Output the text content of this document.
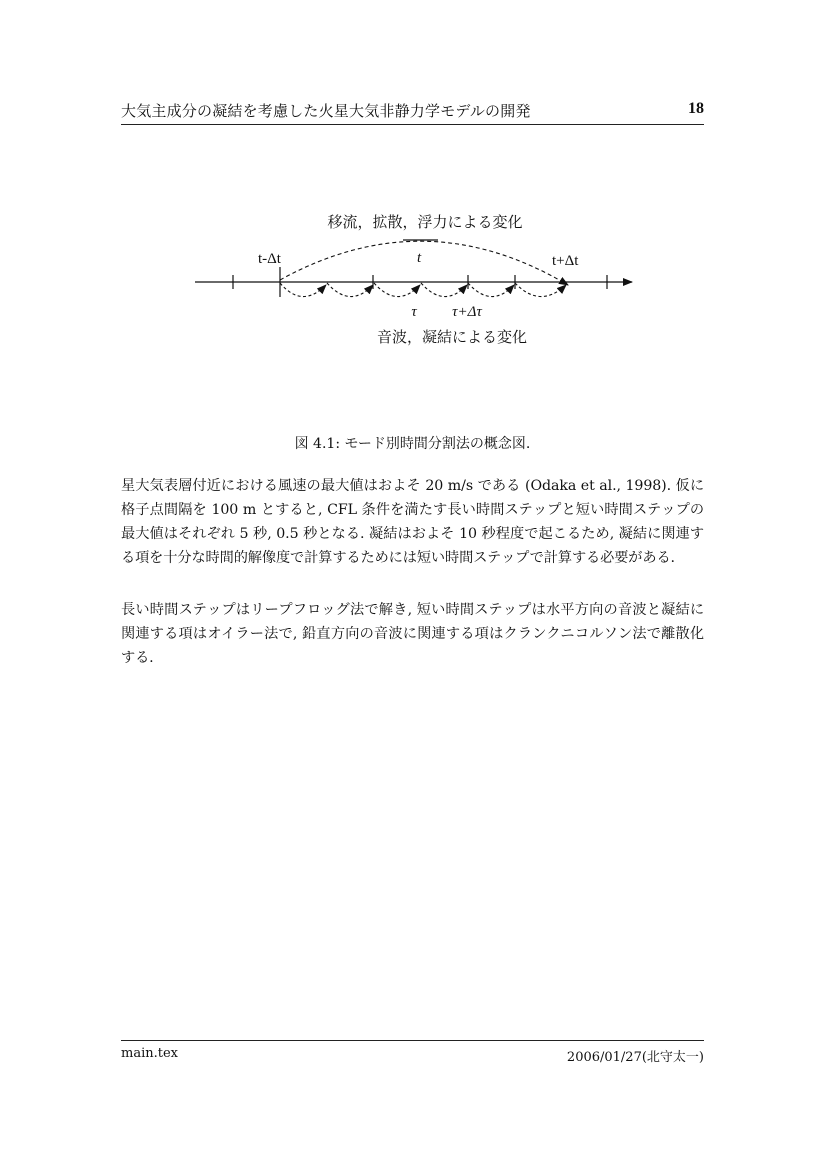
大気主成分の凝結を考慮した火星大気非静力学モデルの開発	18
移流，拡散，浮力による変化
t-Δt	t	t+Δt
τ τ+Δτ
音波，凝結による変化
図 4.1: モード別時間分割法の概念図.

星大気表層付近における風速の最大値はおよそ 20 m/s である (Odaka et al., 1998). 仮に格子点間隔を 100 m とすると, CFL 条件を満たす長い時間ステップと短い時間ステップの最大値はそれぞれ 5 秒, 0.5 秒となる. 凝結はおよそ 10 秒程度で起こるため, 凝結に関連する項を十分な時間的解像度で計算するためには短い時間ステップで計算する必要がある.

長い時間ステップはリープフロッグ法で解き, 短い時間ステップは水平方向の音波と凝結に関連する項はオイラー法で, 鉛直方向の音波に関連する項はクランクニコルソン法で離散化する.

main.tex	2006/01/27(北守太一)
